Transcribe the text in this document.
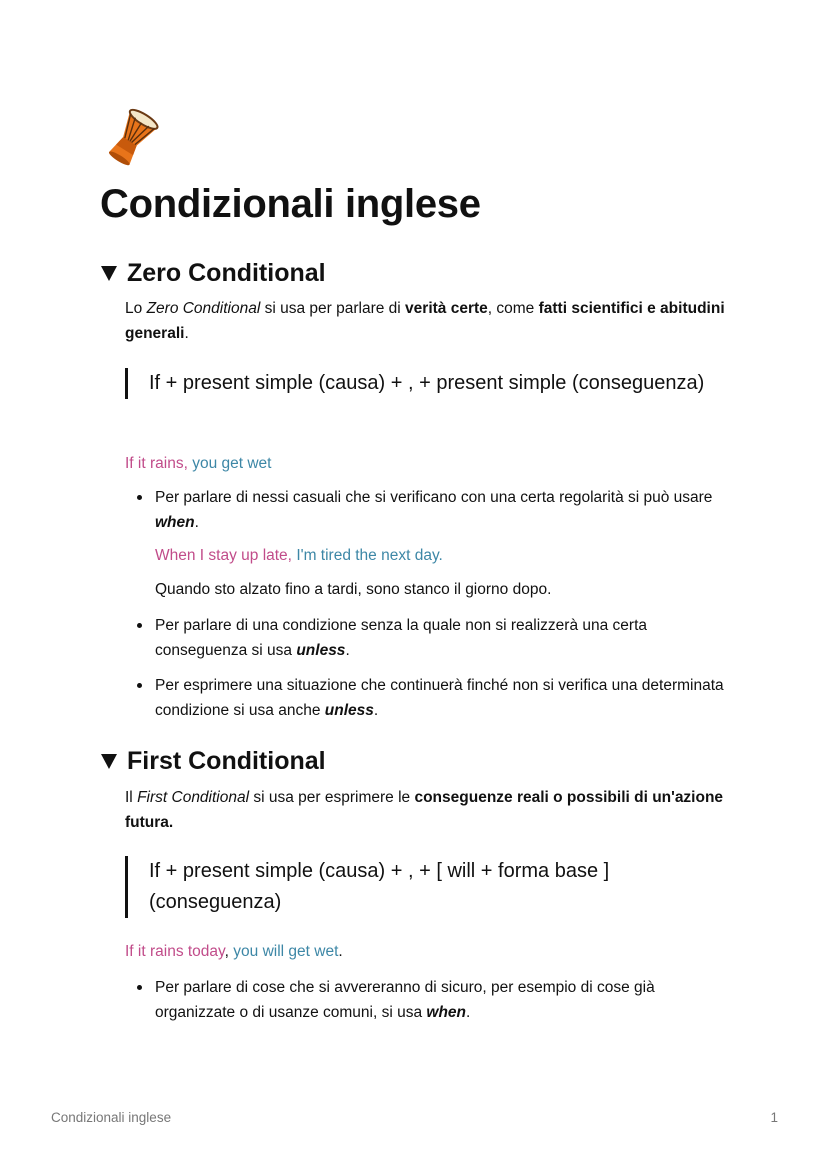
Condizionali inglese
Zero Conditional

Lo Zero Conditional si usa per parlare di verità certe, come fatti scientifici e abitudini generali.

If + present simple (causa) + , + present simple (conseguenza)

If it rains, you get wet

Per parlare di nessi casuali che si verificano con una certa regolarità si può usare when.

When I stay up late, I'm tired the next day.

Quando sto alzato fino a tardi, sono stanco il giorno dopo.

Per parlare di una condizione senza la quale non si realizzerà una certa conseguenza si usa unless.

Per esprimere una situazione che continuerà finché non si verifica una determinata condizione si usa anche unless.

First Conditional

Il First Conditional si usa per esprimere le conseguenze reali o possibili di un'azione futura.

If + present simple (causa) + , + [ will + forma base ] (conseguenza)

If it rains today, you will get wet.

Per parlare di cose che si avvereranno di sicuro, per esempio di cose già organizzate o di usanze comuni, si usa when.

Condizionali inglese	1
